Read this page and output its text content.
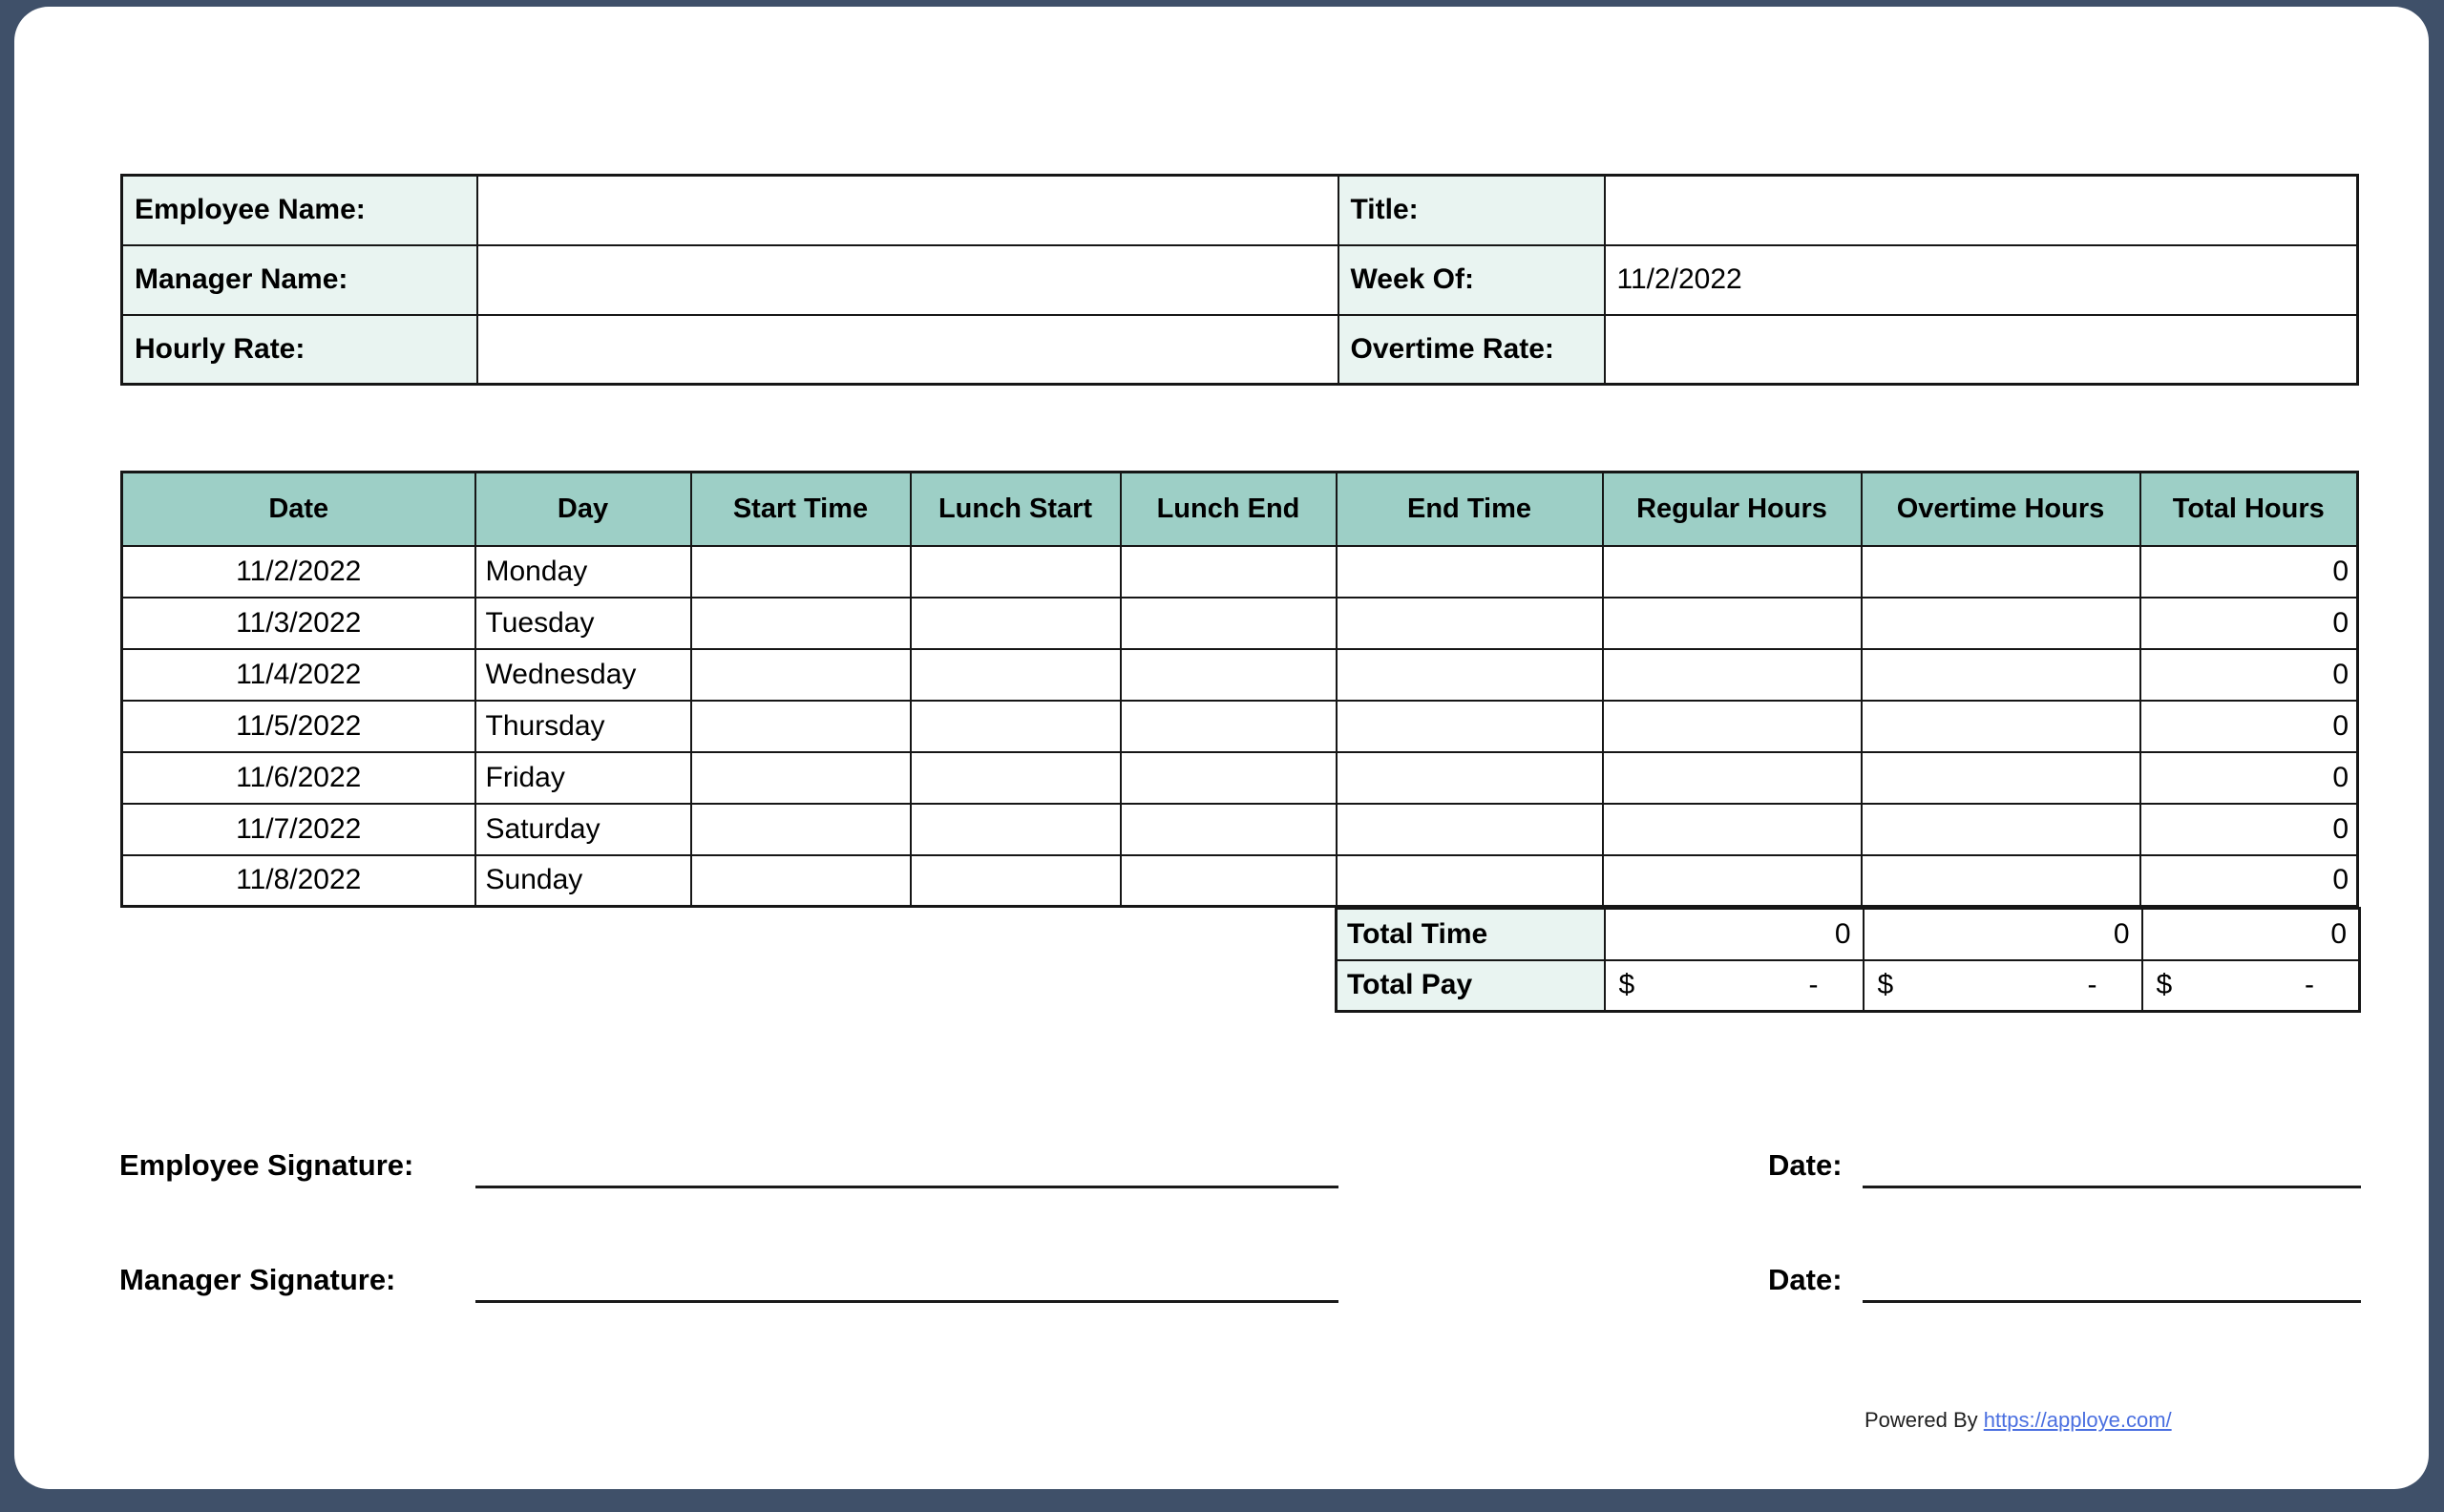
Employee Name:		Title:	
Manager Name:		Week Of:	11/2/2022
Hourly Rate:		Overtime Rate:	
Date	Day	Start Time	Lunch Start	Lunch End	End Time	Regular Hours	Overtime Hours	Total Hours
11/2/2022	Monday							0
11/3/2022	Tuesday							0
11/4/2022	Wednesday							0
11/5/2022	Thursday							0
11/6/2022	Friday							0
11/7/2022	Saturday							0
11/8/2022	Sunday							0
Total Time	0	0	0
Total Pay	$ -	$ -	$ -
Employee Signature:	Date:
Manager Signature:	Date:
Powered By https://apploye.com/
